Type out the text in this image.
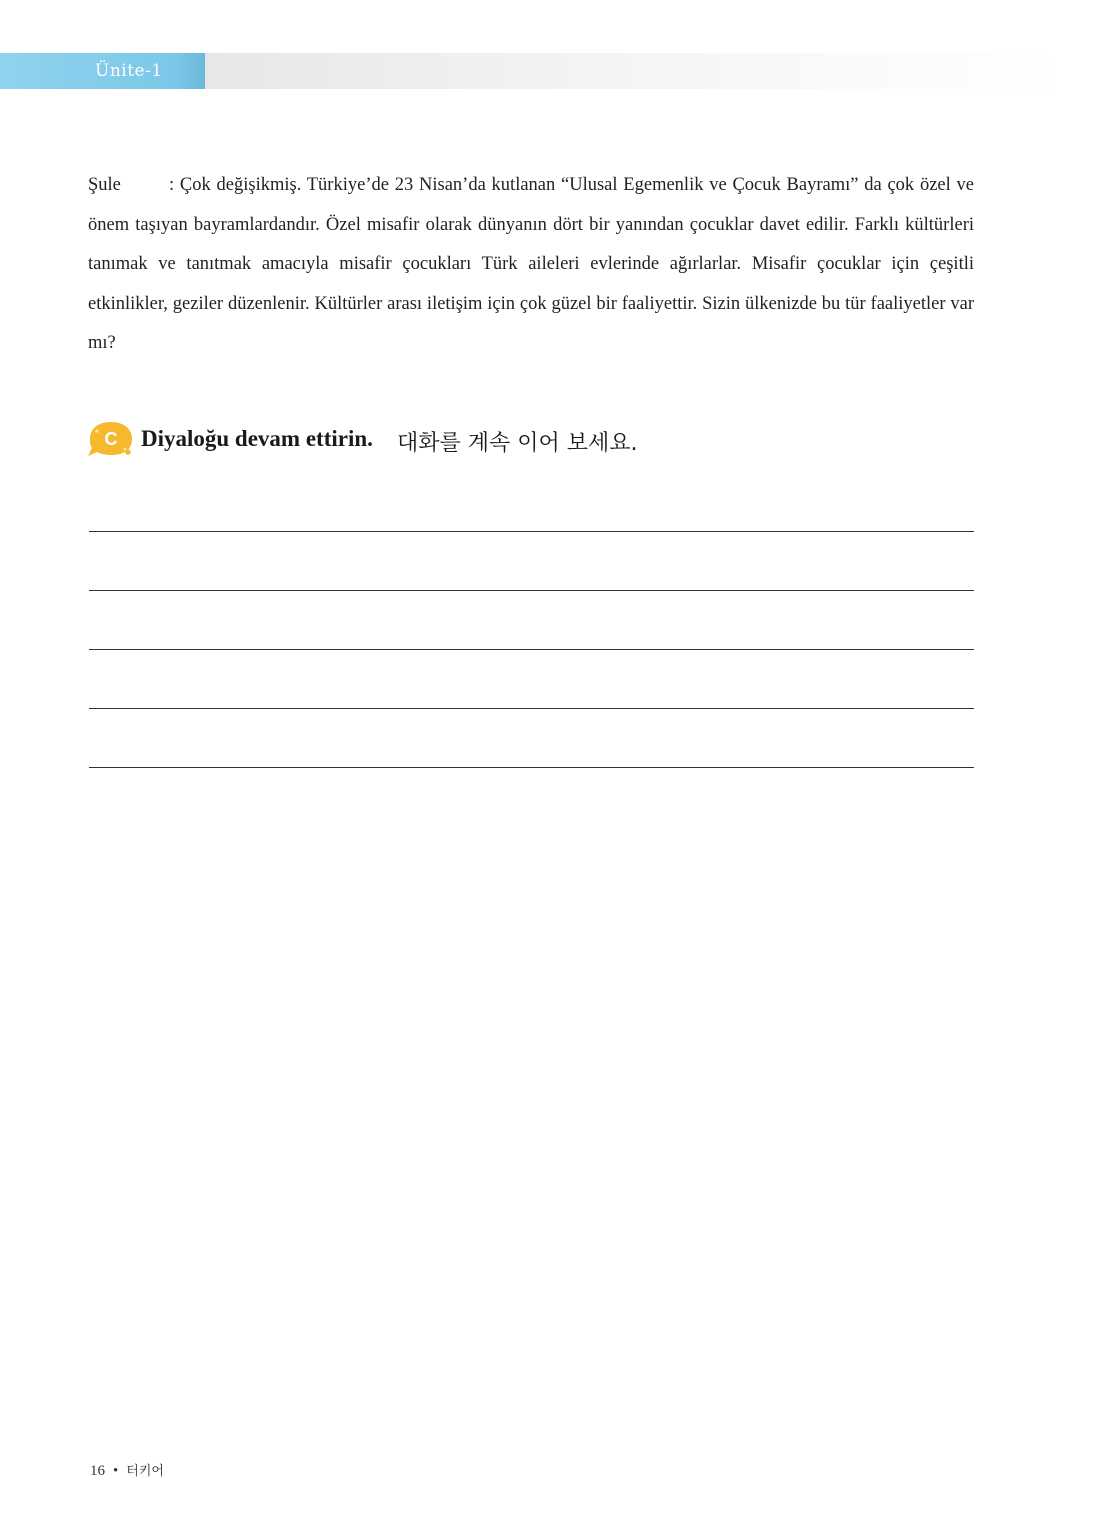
Ünite-1
Şule	: Çok değişikmiş. Türkiye’de 23 Nisan’da kutlanan “Ulusal Egemenlik ve Çocuk Bayramı” da çok özel ve önem taşıyan bayramlardandır. Özel misafir olarak dünyanın dört bir yanından çocuklar davet edilir. Farklı kültürleri tanımak ve tanıtmak amacıyla misafir çocukları Türk aileleri evlerinde ağırlarlar. Misafir çocuklar için çeşitli etkinlikler, geziler düzenlenir. Kültürler arası iletişim için çok güzel bir faaliyettir. Sizin ülkenizde bu tür faaliyetler var mı?
C Diyaloğu devam ettirin. 대화를 계속 이어 보세요.
16 • 터키어
